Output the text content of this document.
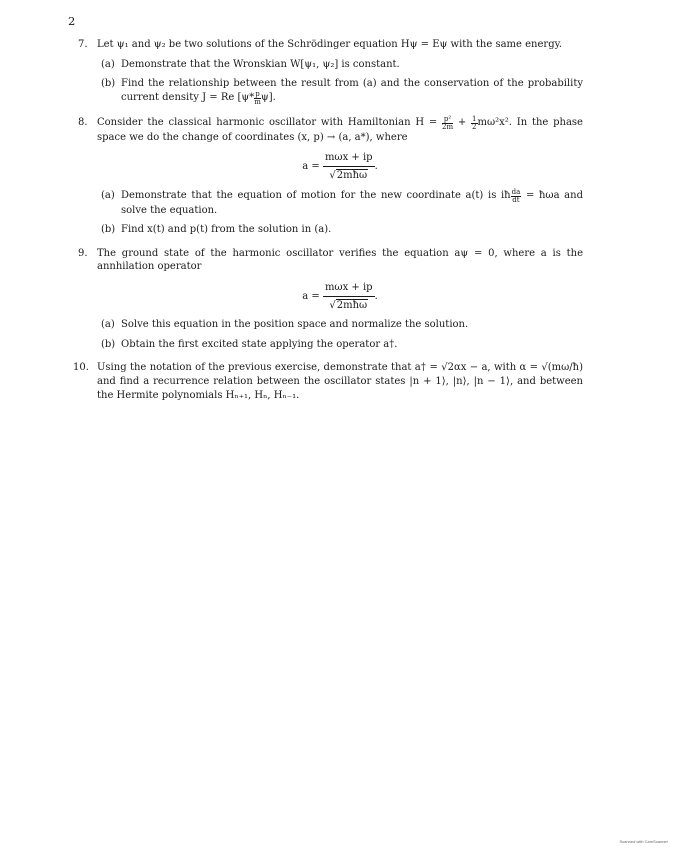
2
7. Let ψ₁ and ψ₂ be two solutions of the Schrödinger equation Hψ = Eψ with the same energy.

(a) Demonstrate that the Wronskian W[ψ₁, ψ₂] is constant.

(b) Find the relationship between the result from (a) and the conservation of the probability current density J = Re $[\psi* \frac{p}{m} \psi]$.

8. Consider the classical harmonic oscillator with Hamiltonian $H = \frac{\text{p²}}{2m} + \frac{1}{2} m\omega^2x^2$. In the phase space we do the change of coordinates (x, p) → (a, a*), where

$a = \frac{\text{mωx + ip}}{\text{√2mħω}}$ .
(a) Demonstrate that the equation of motion for the new coordinate a(t) is iħ $\frac{da}{dt}$ = ħωa and solve the equation.

(b) Find x(t) and p(t) from the solution in (a).

9. The ground state of the harmonic oscillator verifies the equation aψ = 0, where a is the annhilation operator

$a = \frac{\text{mωx + ip}}{\text{√2mħω}}$ .
(a) Solve this equation in the position space and normalize the solution.

(b) Obtain the first excited state applying the operator a†.

10. Using the notation of the previous exercise, demonstrate that a† = √2αx − a, with α = √(mω/ħ) and find a recurrence relation between the oscillator states |n + 1⟩, |n⟩, |n − 1⟩, and between the Hermite polynomials Hₙ₊₁, Hₙ, Hₙ₋₁.

Scanned with CamScanner
